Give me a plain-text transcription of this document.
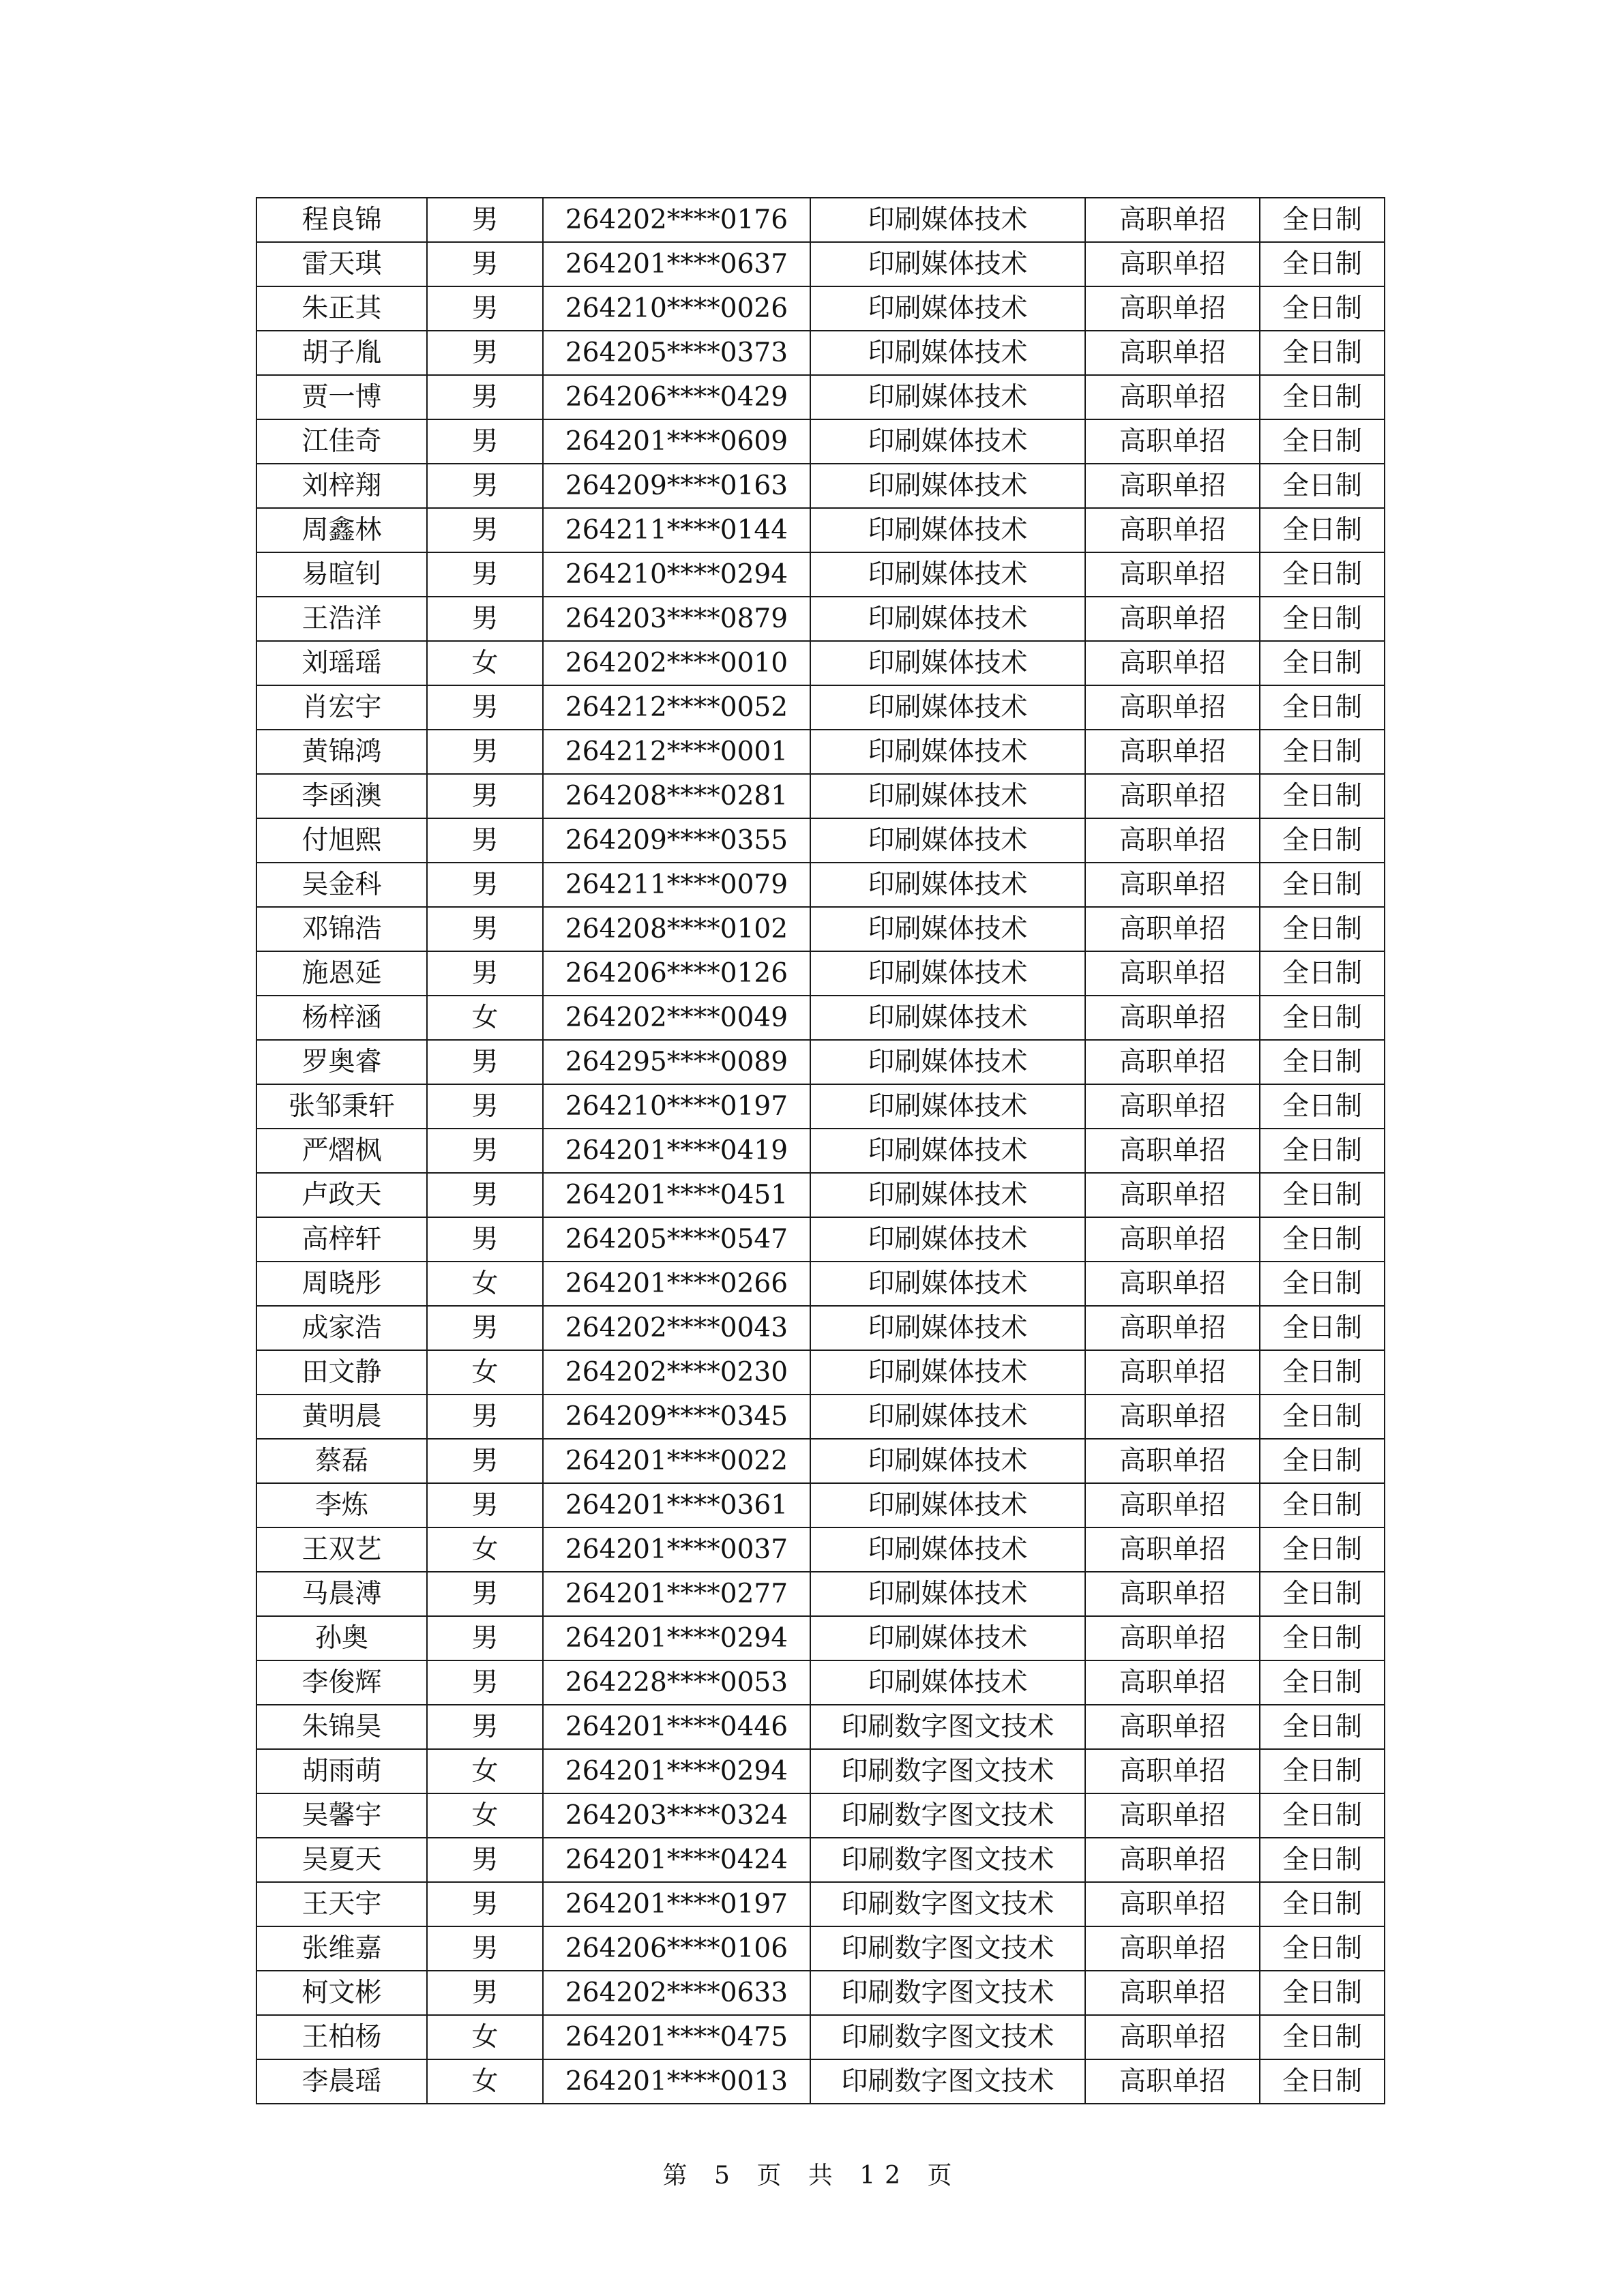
程良锦	男	264202****0176	印刷媒体技术	高职单招	全日制
雷天琪	男	264201****0637	印刷媒体技术	高职单招	全日制
朱正其	男	264210****0026	印刷媒体技术	高职单招	全日制
胡子胤	男	264205****0373	印刷媒体技术	高职单招	全日制
贾一博	男	264206****0429	印刷媒体技术	高职单招	全日制
江佳奇	男	264201****0609	印刷媒体技术	高职单招	全日制
刘梓翔	男	264209****0163	印刷媒体技术	高职单招	全日制
周鑫林	男	264211****0144	印刷媒体技术	高职单招	全日制
易暄钊	男	264210****0294	印刷媒体技术	高职单招	全日制
王浩洋	男	264203****0879	印刷媒体技术	高职单招	全日制
刘瑶瑶	女	264202****0010	印刷媒体技术	高职单招	全日制
肖宏宇	男	264212****0052	印刷媒体技术	高职单招	全日制
黄锦鸿	男	264212****0001	印刷媒体技术	高职单招	全日制
李函澳	男	264208****0281	印刷媒体技术	高职单招	全日制
付旭熙	男	264209****0355	印刷媒体技术	高职单招	全日制
吴金科	男	264211****0079	印刷媒体技术	高职单招	全日制
邓锦浩	男	264208****0102	印刷媒体技术	高职单招	全日制
施恩延	男	264206****0126	印刷媒体技术	高职单招	全日制
杨梓涵	女	264202****0049	印刷媒体技术	高职单招	全日制
罗奥睿	男	264295****0089	印刷媒体技术	高职单招	全日制
张邹秉轩	男	264210****0197	印刷媒体技术	高职单招	全日制
严熠枫	男	264201****0419	印刷媒体技术	高职单招	全日制
卢政天	男	264201****0451	印刷媒体技术	高职单招	全日制
高梓轩	男	264205****0547	印刷媒体技术	高职单招	全日制
周晓彤	女	264201****0266	印刷媒体技术	高职单招	全日制
成家浩	男	264202****0043	印刷媒体技术	高职单招	全日制
田文静	女	264202****0230	印刷媒体技术	高职单招	全日制
黄明晨	男	264209****0345	印刷媒体技术	高职单招	全日制
蔡磊	男	264201****0022	印刷媒体技术	高职单招	全日制
李炼	男	264201****0361	印刷媒体技术	高职单招	全日制
王双艺	女	264201****0037	印刷媒体技术	高职单招	全日制
马晨溥	男	264201****0277	印刷媒体技术	高职单招	全日制
孙奥	男	264201****0294	印刷媒体技术	高职单招	全日制
李俊辉	男	264228****0053	印刷媒体技术	高职单招	全日制
朱锦昊	男	264201****0446	印刷数字图文技术	高职单招	全日制
胡雨萌	女	264201****0294	印刷数字图文技术	高职单招	全日制
吴馨宇	女	264203****0324	印刷数字图文技术	高职单招	全日制
吴夏天	男	264201****0424	印刷数字图文技术	高职单招	全日制
王天宇	男	264201****0197	印刷数字图文技术	高职单招	全日制
张维嘉	男	264206****0106	印刷数字图文技术	高职单招	全日制
柯文彬	男	264202****0633	印刷数字图文技术	高职单招	全日制
王柏杨	女	264201****0475	印刷数字图文技术	高职单招	全日制
李晨瑶	女	264201****0013	印刷数字图文技术	高职单招	全日制
第 5 页 共 12 页
